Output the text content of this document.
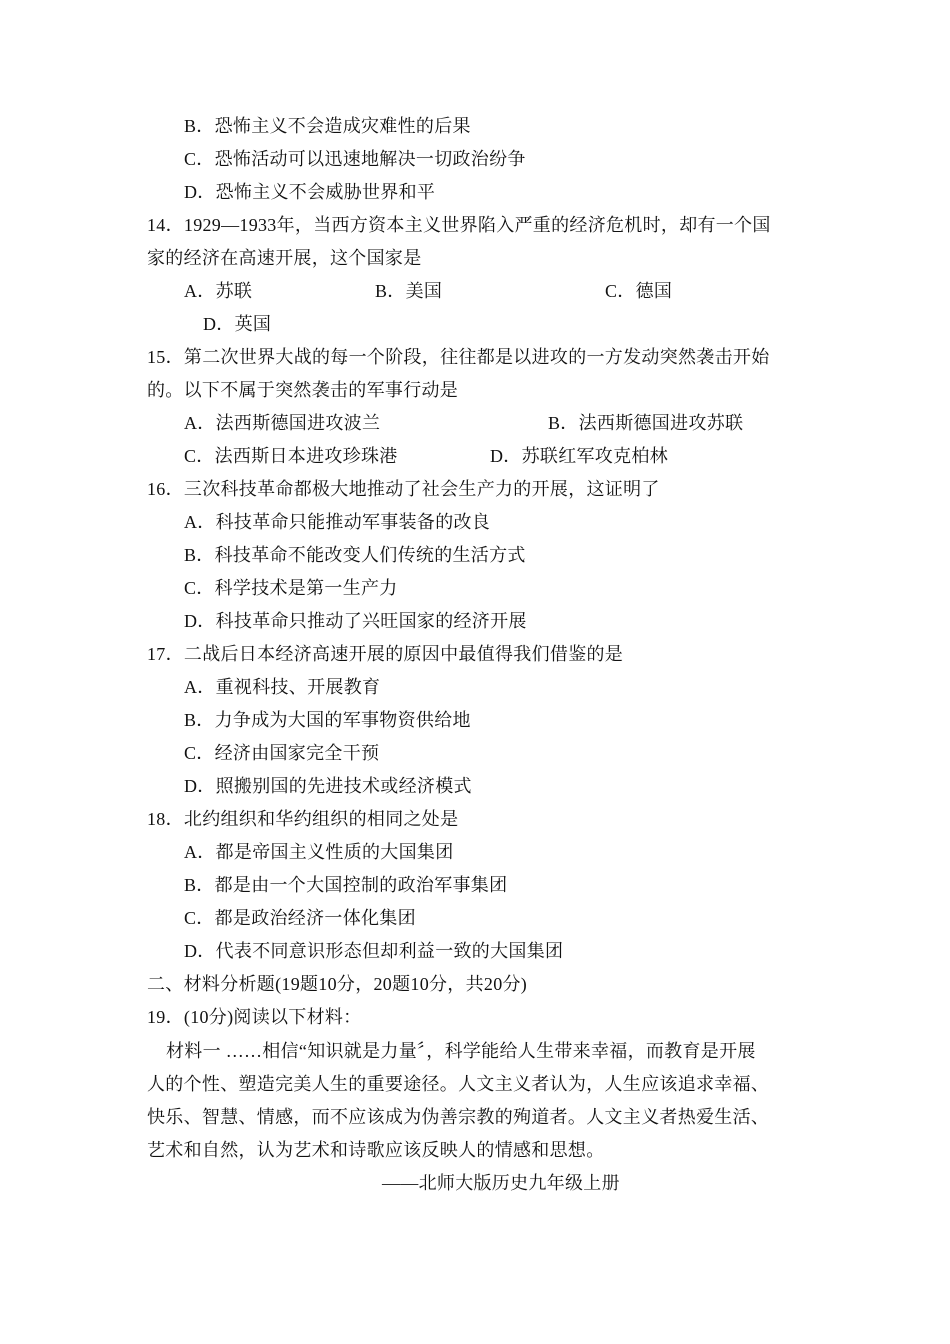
B．恐怖主义不会造成灾难性的后果
C．恐怖活动可以迅速地解决一切政治纷争
D．恐怖主义不会威胁世界和平
14．1929—1933年，当西方资本主义世界陷入严重的经济危机时，却有一个国
家的经济在高速开展，这个国家是
A．苏联	B．美国	C．德国
D．英国
15．第二次世界大战的每一个阶段，往往都是以进攻的一方发动突然袭击开始
的。以下不属于突然袭击的军事行动是
A．法西斯德国进攻波兰	B．法西斯德国进攻苏联
C．法西斯日本进攻珍珠港	D．苏联红军攻克柏林
16．三次科技革命都极大地推动了社会生产力的开展，这证明了
A．科技革命只能推动军事装备的改良
B．科技革命不能改变人们传统的生活方式
C．科学技术是第一生产力
D．科技革命只推动了兴旺国家的经济开展
17．二战后日本经济高速开展的原因中最值得我们借鉴的是
A．重视科技、开展教育
B．力争成为大国的军事物资供给地
C．经济由国家完全干预
D．照搬别国的先进技术或经济模式
18．北约组织和华约组织的相同之处是
A．都是帝国主义性质的大国集团
B．都是由一个大国控制的政治军事集团
C．都是政治经济一体化集团
D．代表不同意识形态但却利益一致的大国集团
二、材料分析题(19题10分，20题10分，共20分)
19．(10分)阅读以下材料：
材料一 ……相信“知识就是力量〞，科学能给人生带来幸福，而教育是开展
人的个性、塑造完美人生的重要途径。人文主义者认为，人生应该追求幸福、
快乐、智慧、情感，而不应该成为伪善宗教的殉道者。人文主义者热爱生活、
艺术和自然，认为艺术和诗歌应该反映人的情感和思想。
——北师大版历史九年级上册
